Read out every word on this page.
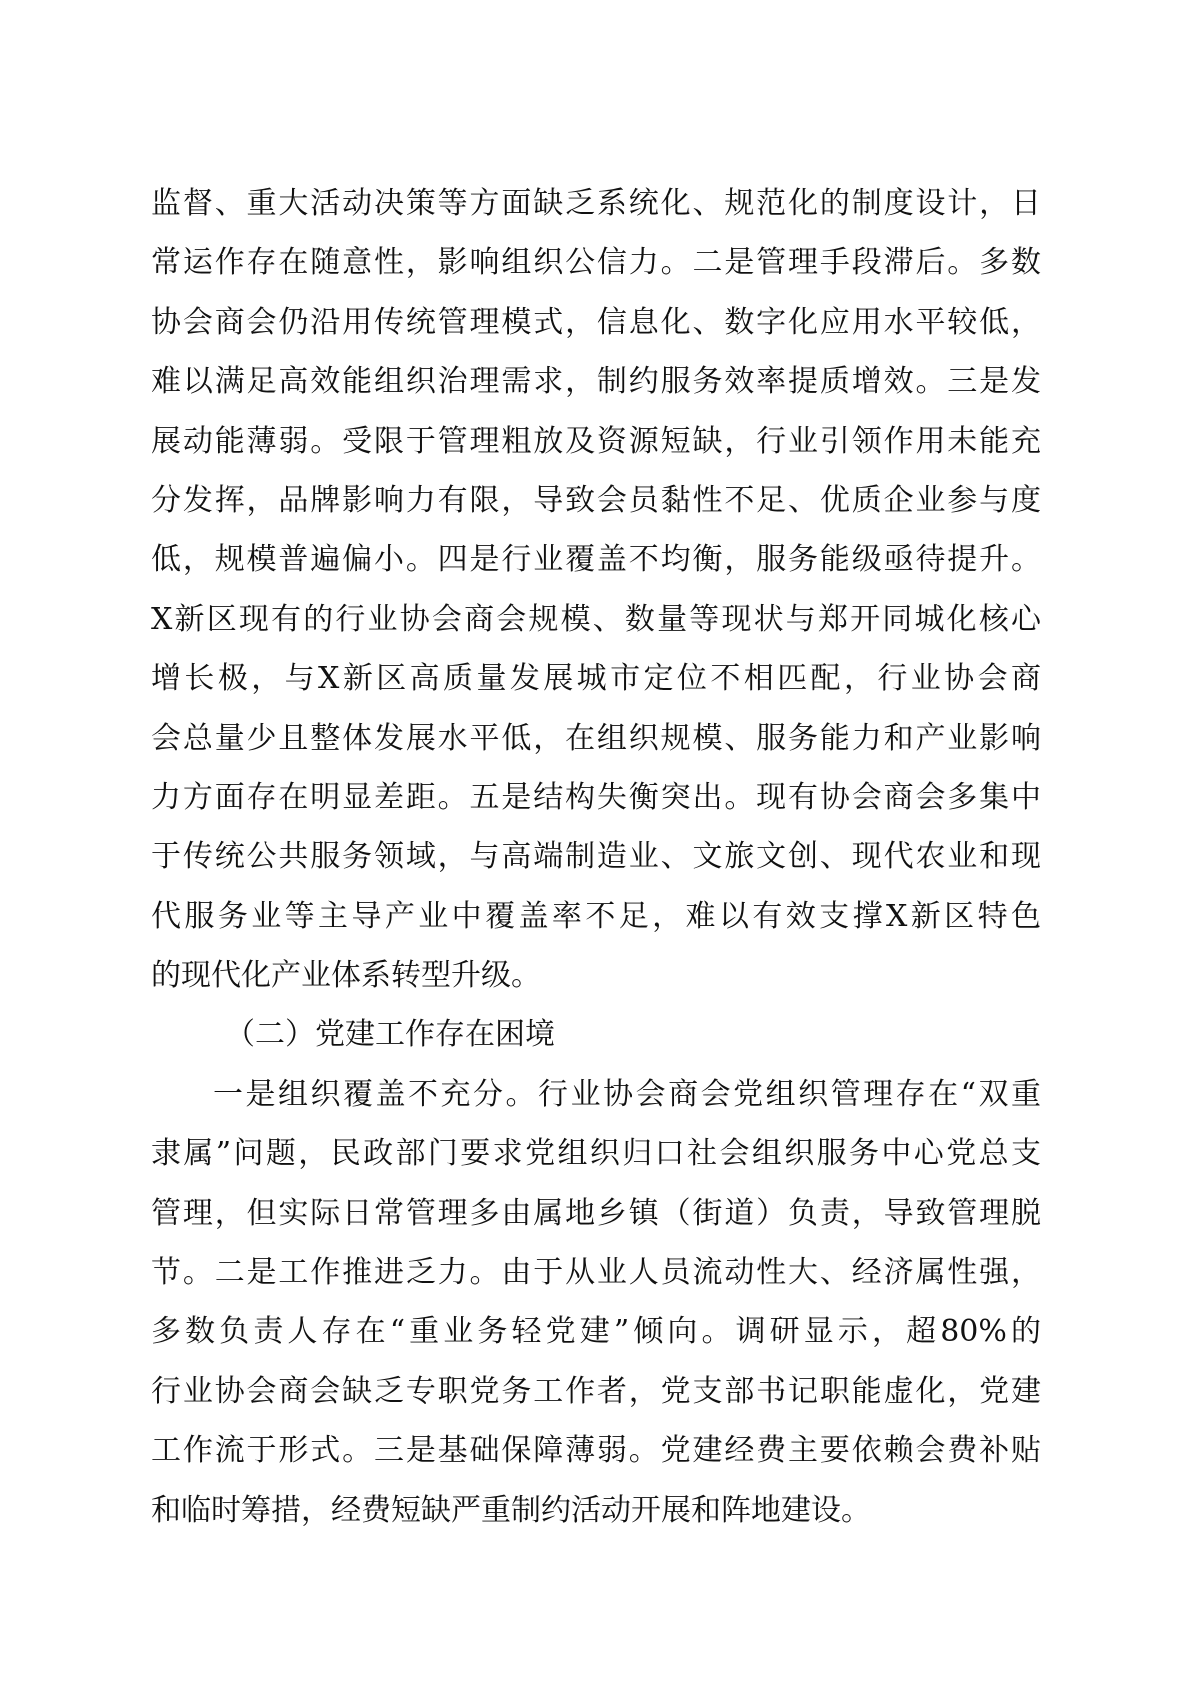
监督、重大活动决策等方面缺乏系统化、规范化的制度设计，日
常运作存在随意性，影响组织公信力。二是管理手段滞后。多数
协会商会仍沿用传统管理模式，信息化、数字化应用水平较低，
难以满足高效能组织治理需求，制约服务效率提质增效。三是发
展动能薄弱。受限于管理粗放及资源短缺，行业引领作用未能充
分发挥，品牌影响力有限，导致会员黏性不足、优质企业参与度
低，规模普遍偏小。四是行业覆盖不均衡，服务能级亟待提升。
X新区现有的行业协会商会规模、数量等现状与郑开同城化核心
增长极，与X新区高质量发展城市定位不相匹配，行业协会商
会总量少且整体发展水平低，在组织规模、服务能力和产业影响
力方面存在明显差距。五是结构失衡突出。现有协会商会多集中
于传统公共服务领域，与高端制造业、文旅文创、现代农业和现
代服务业等主导产业中覆盖率不足，难以有效支撑X新区特色
的现代化产业体系转型升级。
（二）党建工作存在困境
一是组织覆盖不充分。行业协会商会党组织管理存在“双重
隶属”问题，民政部门要求党组织归口社会组织服务中心党总支
管理，但实际日常管理多由属地乡镇（街道）负责，导致管理脱
节。二是工作推进乏力。由于从业人员流动性大、经济属性强，
多数负责人存在“重业务轻党建”倾向。调研显示，超80%的
行业协会商会缺乏专职党务工作者，党支部书记职能虚化，党建
工作流于形式。三是基础保障薄弱。党建经费主要依赖会费补贴
和临时筹措，经费短缺严重制约活动开展和阵地建设。
